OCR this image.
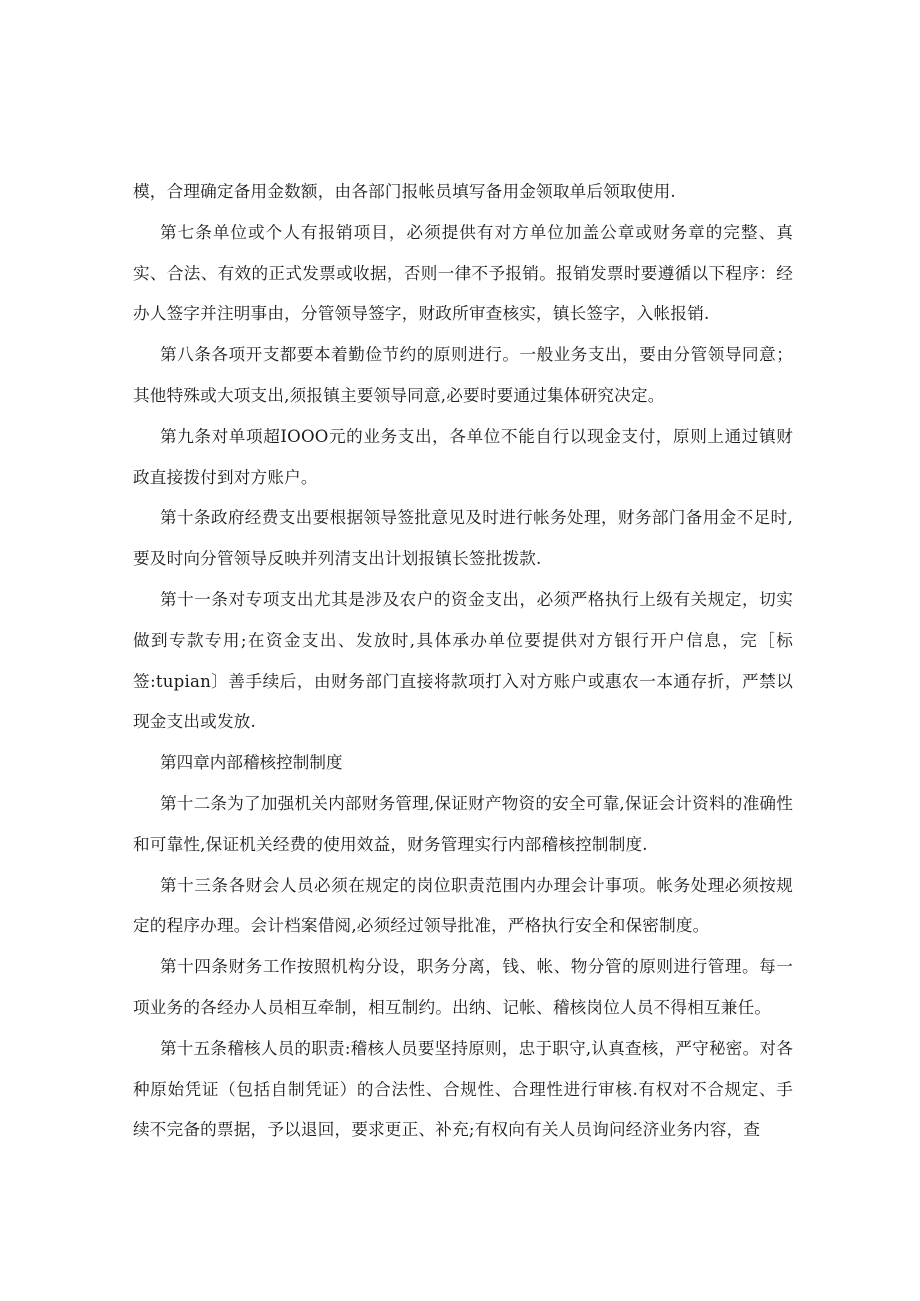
模，合理确定备用金数额，由各部门报帐员填写备用金领取单后领取使用.

第七条单位或个人有报销项目，必须提供有对方单位加盖公章或财务章的完整、真实、合法、有效的正式发票或收据，否则一律不予报销。报销发票时要遵循以下程序：经办人签字并注明事由，分管领导签字，财政所审查核实，镇长签字，入帐报销.

第八条各项开支都要本着勤俭节约的原则进行。一般业务支出，要由分管领导同意；其他特殊或大项支出,须报镇主要领导同意,必要时要通过集体研究决定。

第九条对单项超IOOO元的业务支出，各单位不能自行以现金支付，原则上通过镇财政直接拨付到对方账户。

第十条政府经费支出要根据领导签批意见及时进行帐务处理，财务部门备用金不足时,要及时向分管领导反映并列清支出计划报镇长签批拨款.

第十一条对专项支出尤其是涉及农户的资金支出，必须严格执行上级有关规定，切实做到专款专用;在资金支出、发放时,具体承办单位要提供对方银行开户信息，完［标签:tupian〕善手续后，由财务部门直接将款项打入对方账户或惠农一本通存折，严禁以现金支出或发放.

第四章内部稽核控制制度

第十二条为了加强机关内部财务管理,保证财产物资的安全可靠,保证会计资料的准确性和可靠性,保证机关经费的使用效益，财务管理实行内部稽核控制制度.

第十三条各财会人员必须在规定的岗位职责范围内办理会计事项。帐务处理必须按规定的程序办理。会计档案借阅,必须经过领导批准，严格执行安全和保密制度。

第十四条财务工作按照机构分设，职务分离，钱、帐、物分管的原则进行管理。每一项业务的各经办人员相互牵制，相互制约。出纳、记帐、稽核岗位人员不得相互兼任。

第十五条稽核人员的职责:稽核人员要坚持原则，忠于职守,认真查核，严守秘密。对各种原始凭证（包括自制凭证）的合法性、合规性、合理性进行审核.有权对不合规定、手续不完备的票据，予以退回，要求更正、补充;有权向有关人员询问经济业务内容，查
